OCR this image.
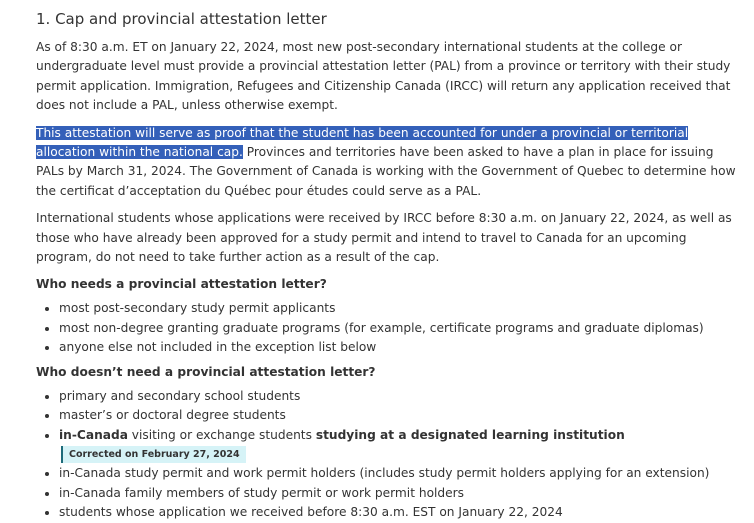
1. Cap and provincial attestation letter

As of 8:30 a.m. ET on January 22, 2024, most new post-secondary international students at the college or undergraduate level must provide a provincial attestation letter (PAL) from a province or territory with their study permit application. Immigration, Refugees and Citizenship Canada (IRCC) will return any application received that does not include a PAL, unless otherwise exempt.

This attestation will serve as proof that the student has been accounted for under a provincial or territorial allocation within the national cap. Provinces and territories have been asked to have a plan in place for issuing PALs by March 31, 2024. The Government of Canada is working with the Government of Quebec to determine how the certificat d’acceptation du Québec pour études could serve as a PAL.

International students whose applications were received by IRCC before 8:30 a.m. on January 22, 2024, as well as those who have already been approved for a study permit and intend to travel to Canada for an upcoming program, do not need to take further action as a result of the cap.

Who needs a provincial attestation letter?
• most post-secondary study permit applicants
• most non-degree granting graduate programs (for example, certificate programs and graduate diplomas)
• anyone else not included in the exception list below
Who doesn’t need a provincial attestation letter?
• primary and secondary school students
• master’s or doctoral degree students
• in-Canada visiting or exchange students studying at a designated learning institution Corrected on February 27, 2024
• in-Canada study permit and work permit holders (includes study permit holders applying for an extension)
• in-Canada family members of study permit or work permit holders
• students whose application we received before 8:30 a.m. EST on January 22, 2024
